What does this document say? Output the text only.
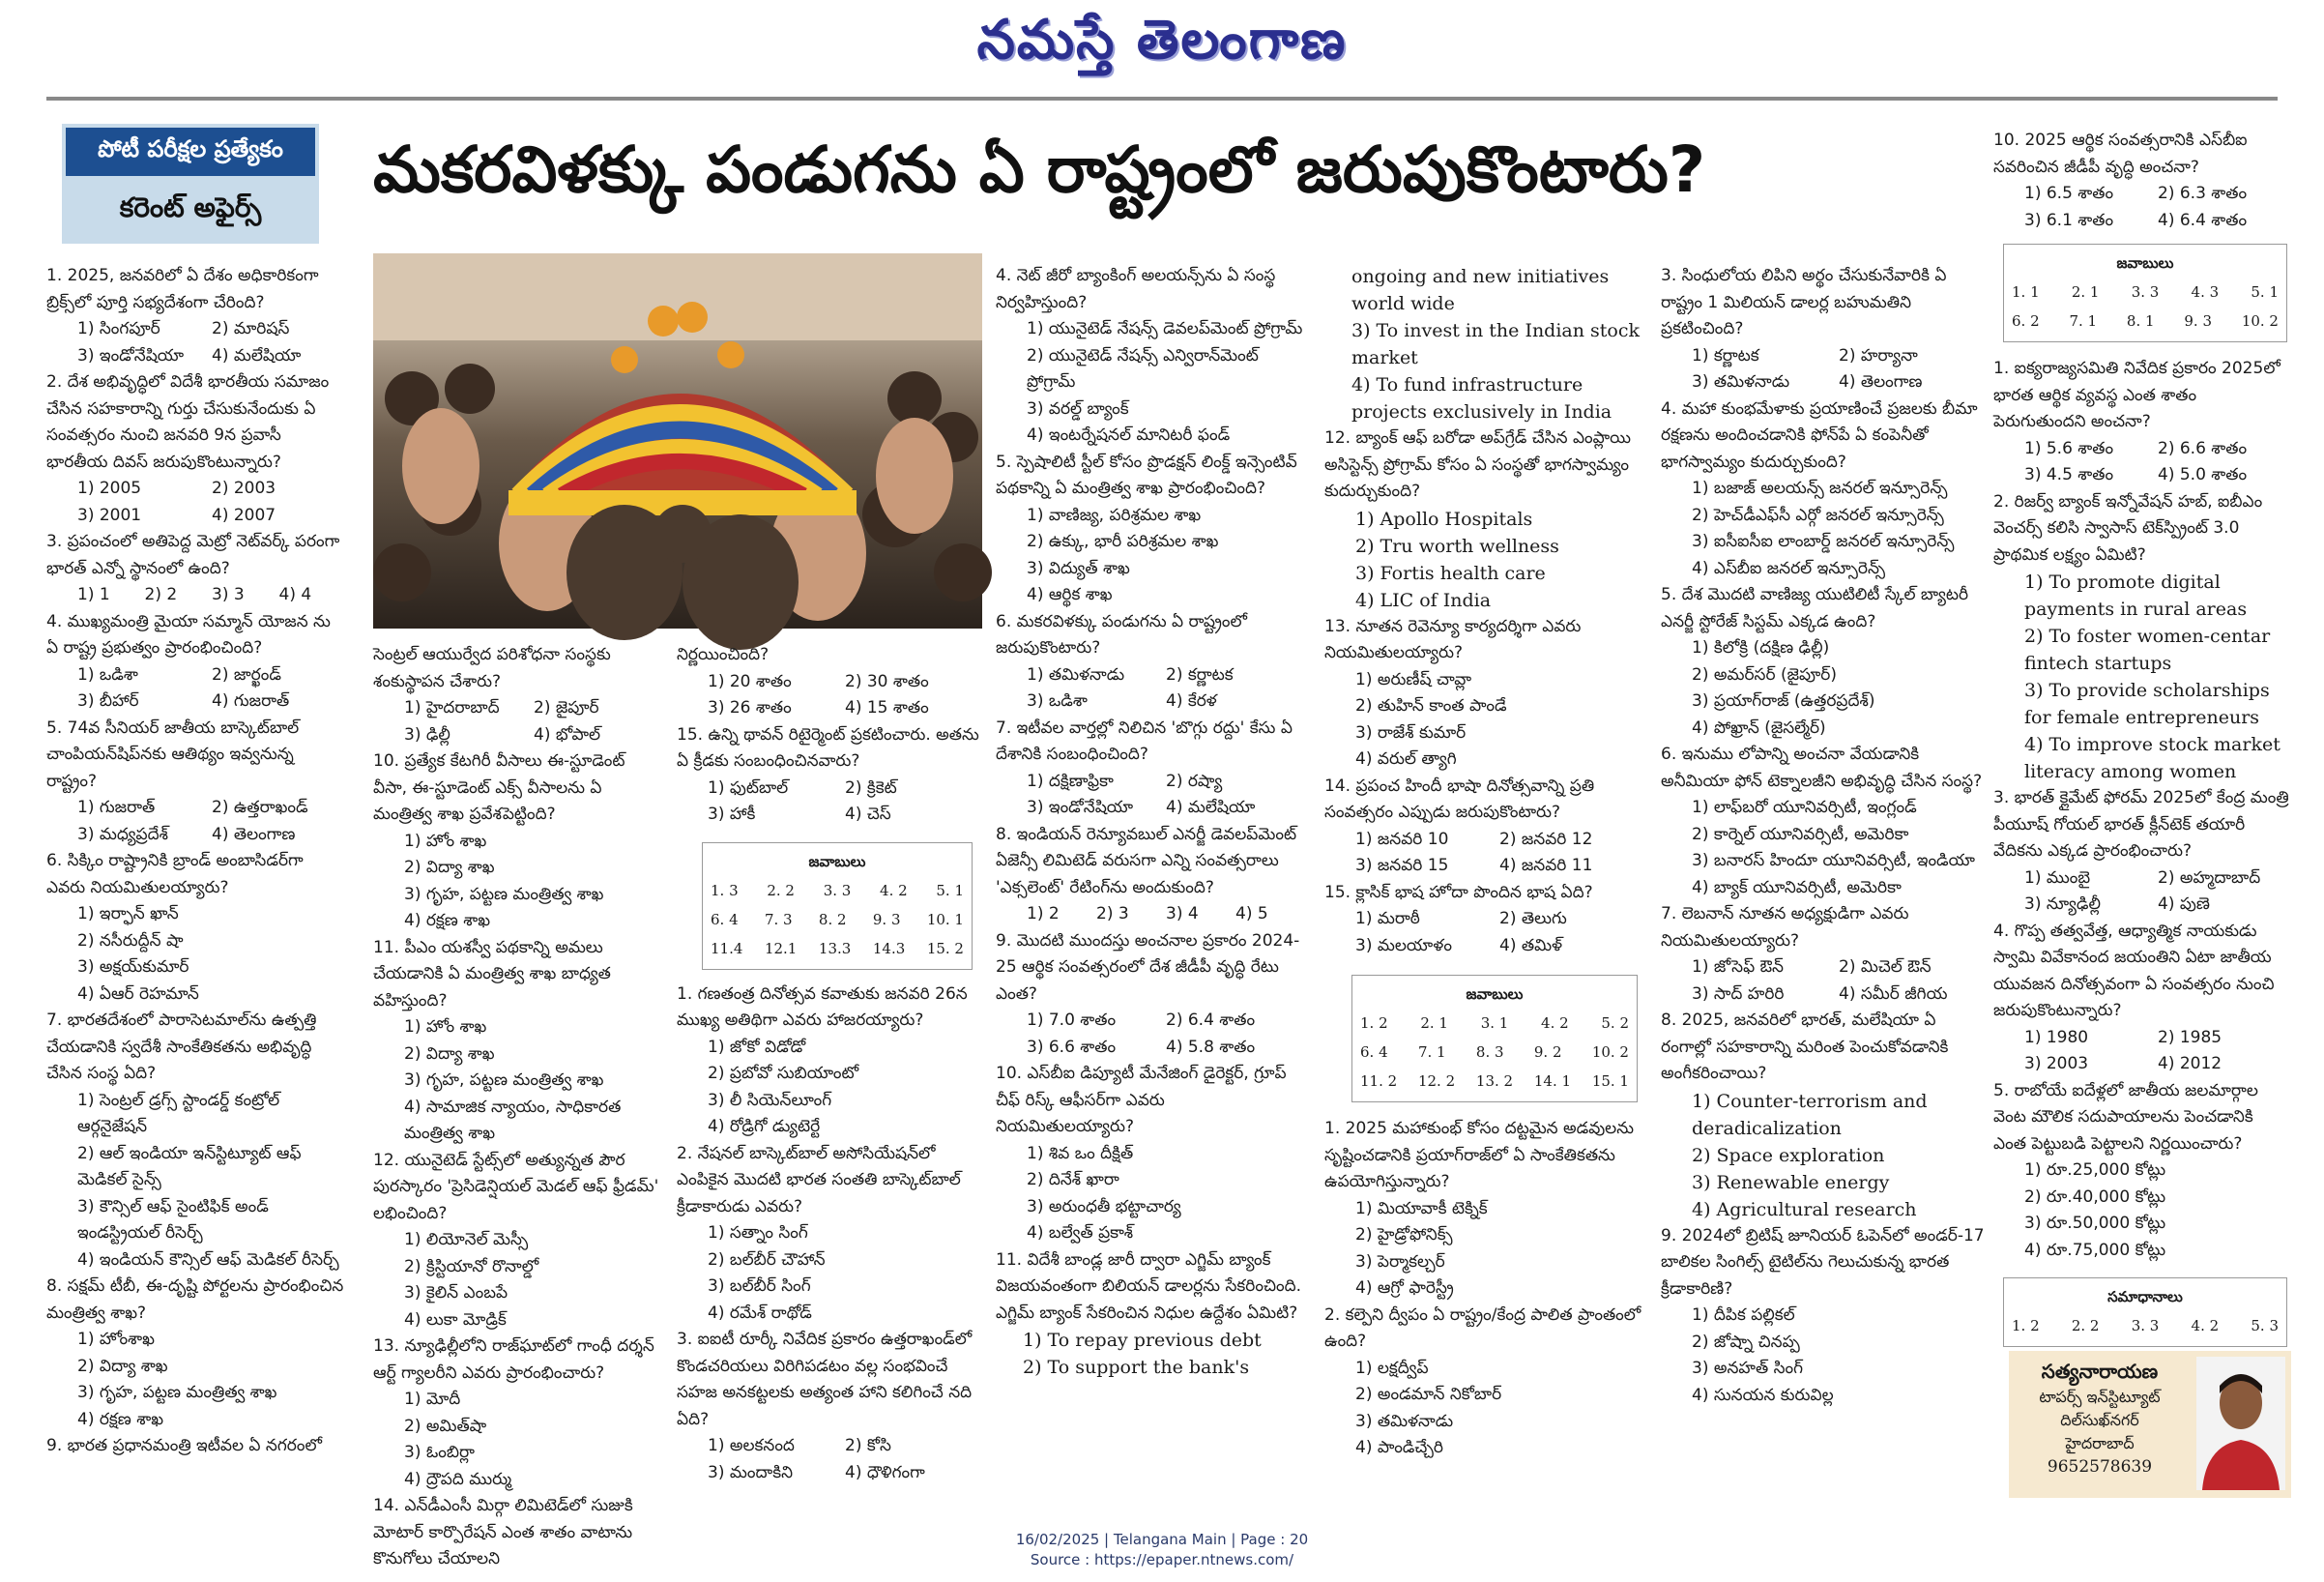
నమస్తే తెలంగాణ
పోటీ పరీక్షల ప్రత్యేకం
కరెంట్ అఫైర్స్
మకరవిళక్కు పండుగను ఏ రాష్ట్రంలో జరుపుకొంటారు?

1. 2025, జనవరిలో ఏ దేశం అధికారికంగా బ్రిక్స్‌లో పూర్తి సభ్యదేశంగా చేరింది?

1) సింగపూర్	2) మారిషస్

3) ఇండోనేషియా	4) మలేషియా

2. దేశ అభివృద్ధిలో విదేశీ భారతీయ సమాజం చేసిన సహకారాన్ని గుర్తు చేసుకునేందుకు ఏ సంవత్సరం నుంచి జనవరి 9న ప్రవాసీ భారతీయ దివస్ జరుపుకొంటున్నారు?

1) 2005	2) 2003

3) 2001	4) 2007

3. ప్రపంచంలో అతిపెద్ద మెట్రో నెట్‌వర్క్ పరంగా భారత్ ఎన్నో స్థానంలో ఉంది?

1) 1	2) 2	3) 3	4) 4

4. ముఖ్యమంత్రి మైయా సమ్మాన్ యోజన ను ఏ రాష్ట్ర ప్రభుత్వం ప్రారంభించింది?

1) ఒడిశా	2) జార్ఖండ్

3) బీహార్	4) గుజరాత్

5. 74వ సీనియర్ జాతీయ బాస్కెట్‌బాల్ చాంపియన్‌షిప్‌నకు ఆతిథ్యం ఇవ్వనున్న రాష్ట్రం?

1) గుజరాత్	2) ఉత్తరాఖండ్

3) మధ్యప్రదేశ్	4) తెలంగాణ

6. సిక్కిం రాష్ట్రానికి బ్రాండ్ అంబాసిడర్‌గా ఎవరు నియమితులయ్యారు?

1) ఇర్ఫాన్ ఖాన్

2) నసీరుద్దీన్ షా

3) అక్షయ్‌కుమార్

4) ఏఆర్ రెహమాన్

7. భారతదేశంలో పారాసెటమాల్‌ను ఉత్పత్తి చేయడానికి స్వదేశీ సాంకేతికతను అభివృద్ధి చేసిన సంస్థ ఏది?

1) సెంట్రల్ డ్రగ్స్ స్టాండర్డ్ కంట్రోల్ ఆర్గనైజేషన్

2) ఆల్ ఇండియా ఇన్‌స్టిట్యూట్ ఆఫ్ మెడికల్ సైన్స్

3) కౌన్సిల్ ఆఫ్ సైంటిఫిక్ అండ్ ఇండస్ట్రియల్ రీసెర్చ్

4) ఇండియన్ కౌన్సిల్ ఆఫ్ మెడికల్ రీసెర్చ్

8. సక్షమ్ టీబీ, ఈ-దృష్టి పోర్టలను ప్రారంభించిన మంత్రిత్వ శాఖ?

1) హోంశాఖ

2) విద్యా శాఖ

3) గృహ, పట్టణ మంత్రిత్వ శాఖ

4) రక్షణ శాఖ

9. భారత ప్రధానమంత్రి ఇటీవల ఏ నగరంలో

సెంట్రల్ ఆయుర్వేద పరిశోధనా సంస్థకు శంకుస్థాపన చేశారు?

1) హైదరాబాద్	2) జైపూర్

3) ఢిల్లీ	4) భోపాల్

10. ప్రత్యేక కేటగిరీ వీసాలు ఈ-స్టూడెంట్ వీసా, ఈ-స్టూడెంట్ ఎక్స్ వీసాలను ఏ మంత్రిత్వ శాఖ ప్రవేశపెట్టింది?

1) హోం శాఖ

2) విద్యా శాఖ

3) గృహ, పట్టణ మంత్రిత్వ శాఖ

4) రక్షణ శాఖ

11. పీఎం యశస్వీ పథకాన్ని అమలు చేయడానికి ఏ మంత్రిత్వ శాఖ బాధ్యత వహిస్తుంది?

1) హోం శాఖ

2) విద్యా శాఖ

3) గృహ, పట్టణ మంత్రిత్వ శాఖ

4) సామాజిక న్యాయం, సాధికారత మంత్రిత్వ శాఖ

12. యునైటెడ్ స్టేట్స్‌లో అత్యున్నత పౌర పురస్కారం 'ప్రెసిడెన్షియల్ మెడల్ ఆఫ్ ఫ్రీడమ్' లభించింది?

1) లియోనెల్ మెస్సీ

2) క్రిస్టియానో రొనాల్డో

3) కైలిన్ ఎంబపే

4) లుకా మోడ్రిక్

13. న్యూఢిల్లీలోని రాజ్‌ఘాట్‌లో గాంధీ దర్శన్ ఆర్ట్ గ్యాలరీని ఎవరు ప్రారంభించారు?

1) మోదీ

2) అమిత్‌షా

3) ఓంబిర్లా

4) ద్రౌపది ముర్ము

14. ఎన్‌డీఎంసీ మిర్గా లిమిటెడ్‌లో సుజుకి మోటార్ కార్పొరేషన్ ఎంత శాతం వాటాను కొనుగోలు చేయాలని

నిర్ణయించింది?

1) 20 శాతం	2) 30 శాతం

3) 26 శాతం	4) 15 శాతం

15. ఉన్ని థావన్ రిటైర్మెంట్ ప్రకటించారు. అతను ఏ క్రీడకు సంబంధించినవారు?

1) ఫుట్‌బాల్	2) క్రికెట్

3) హాకీ	4) చెస్

జవాబులు
1. 3 2. 2 3. 3 4. 2 5. 1
6. 4 7. 3 8. 2 9. 3 10. 1
11.4 12.1 13.3 14.3 15. 2

1. గణతంత్ర దినోత్సవ కవాతుకు జనవరి 26న ముఖ్య అతిథిగా ఎవరు హాజరయ్యారు?

1) జోకో విడోడో

2) ప్రబోవో సుబియాంటో

3) లీ సియెన్‌లూంగ్

4) రోడ్రిగో డ్యుటెర్టే

2. నేషనల్ బాస్కెట్‌బాల్ అసోసియేషన్‌లో ఎంపికైన మొదటి భారత సంతతి బాస్కెట్‌బాల్ క్రీడాకారుడు ఎవరు?

1) సత్నాం సింగ్

2) బల్‌బీర్ చౌహాన్

3) బల్‌బీర్ సింగ్

4) రమేశ్ రాథోడ్

3. ఐఐటీ రూర్కీ నివేదిక ప్రకారం ఉత్తరాఖండ్‌లో కొండచరియలు విరిగిపడటం వల్ల సంభవించే సహజ అనకట్టలకు అత్యంత హాని కలిగించే నది ఏది?

1) అలకనంద	2) కోసి

3) మందాకిని	4) ధౌళిగంగా

4. నెట్ జీరో బ్యాంకింగ్ అలయన్స్‌ను ఏ సంస్థ నిర్వహిస్తుంది?

1) యునైటెడ్ నేషన్స్ డెవలప్‌మెంట్ ప్రోగ్రామ్

2) యునైటెడ్ నేషన్స్ ఎన్విరాన్‌మెంట్ ప్రోగ్రామ్

3) వరల్డ్ బ్యాంక్

4) ఇంటర్నేషనల్ మానిటరీ ఫండ్

5. స్పెషాలిటీ స్టీల్ కోసం ప్రొడక్షన్ లింక్డ్ ఇన్సెంటివ్ పథకాన్ని ఏ మంత్రిత్వ శాఖ ప్రారంభించింది?

1) వాణిజ్య, పరిశ్రమల శాఖ

2) ఉక్కు, భారీ పరిశ్రమల శాఖ

3) విద్యుత్ శాఖ

4) ఆర్థిక శాఖ

6. మకరవిళక్కు పండుగను ఏ రాష్ట్రంలో జరుపుకొంటారు?

1) తమిళనాడు	2) కర్ణాటక

3) ఒడిశా	4) కేరళ

7. ఇటీవల వార్తల్లో నిలిచిన 'బొగ్గు రద్దు' కేసు ఏ దేశానికి సంబంధించింది?

1) దక్షిణాఫ్రికా	2) రష్యా

3) ఇండోనేషియా	4) మలేషియా

8. ఇండియన్ రెన్యూవబుల్ ఎనర్జీ డెవలప్‌మెంట్ ఏజెన్సీ లిమిటెడ్ వరుసగా ఎన్ని సంవత్సరాలు 'ఎక్సలెంట్' రేటింగ్‌ను అందుకుంది?

1) 2	2) 3	3) 4	4) 5

9. మొదటి ముందస్తు అంచనాల ప్రకారం 2024-25 ఆర్థిక సంవత్సరంలో దేశ జీడీపీ వృద్ధి రేటు ఎంత?

1) 7.0 శాతం	2) 6.4 శాతం

3) 6.6 శాతం	4) 5.8 శాతం

10. ఎస్‌బీఐ డిప్యూటీ మేనేజింగ్ డైరెక్టర్, గ్రూప్ చీఫ్ రిస్క్ ఆఫీసర్‌గా ఎవరు నియమితులయ్యారు?

1) శివ ఒం దీక్షిత్

2) దినేశ్ ఖారా

3) అరుంధతీ భట్టాచార్య

4) బల్వేత్ ప్రకాశ్

11. విదేశీ బాండ్ల జారీ ద్వారా ఎగ్జిమ్ బ్యాంక్ విజయవంతంగా బిలియన్ డాలర్లను సేకరించింది. ఎగ్జిమ్ బ్యాంక్ సేకరించిన నిధుల ఉద్దేశం ఏమిటి?

1) To repay previous debt
2) To support the bank's
ongoing and new initiatives world wide
3) To invest in the Indian stock market
4) To fund infrastructure projects exclusively in India

12. బ్యాంక్ ఆఫ్ బరోడా అప్‌గ్రేడ్ చేసిన ఎంప్లాయి అసిస్టెన్స్ ప్రోగ్రామ్ కోసం ఏ సంస్థతో భాగస్వామ్యం కుదుర్చుకుంది?

1) Apollo Hospitals

2) Tru worth wellness

3) Fortis health care

4) LIC of India

13. నూతన రెవెన్యూ కార్యదర్శిగా ఎవరు నియమితులయ్యారు?

1) అరుణీష్ చావ్లా

2) తుహిన్ కాంత పాండే

3) రాజేశ్ కుమార్

4) వరుల్ త్యాగి

14. ప్రపంచ హిందీ భాషా దినోత్సవాన్ని ప్రతి సంవత్సరం ఎప్పుడు జరుపుకొంటారు?

1) జనవరి 10	2) జనవరి 12

3) జనవరి 15	4) జనవరి 11

15. క్లాసిక్ భాష హోదా పొందిన భాష ఏది?

1) మరాఠీ	2) తెలుగు

3) మలయాళం	4) తమిళ్

జవాబులు
1. 2 2. 1 3. 1 4. 2 5. 2
6. 4 7. 1 8. 3 9. 2 10. 2
11. 2 12. 2 13. 2 14. 1 15. 1

1. 2025 మహాకుంభ్ కోసం దట్టమైన అడవులను సృష్టించడానికి ప్రయాగ్‌రాజ్‌లో ఏ సాంకేతికతను ఉపయోగిస్తున్నారు?

1) మియావాకీ టెక్నిక్

2) హైడ్రోఫోనిక్స్

3) పెర్మాకల్చర్

4) ఆగ్రో ఫారెస్ట్రీ

2. కల్పెని ద్వీపం ఏ రాష్ట్రం/కేంద్ర పాలిత ప్రాంతంలో ఉంది?

1) లక్షద్వీప్

2) అండమాన్ నికోబార్

3) తమిళనాడు

4) పాండిచ్చేరి

3. సింధులోయ లిపిని అర్థం చేసుకునేవారికి ఏ రాష్ట్రం 1 మిలియన్ డాలర్ల బహుమతిని ప్రకటించింది?

1) కర్ణాటక	2) హర్యానా

3) తమిళనాడు	4) తెలంగాణ

4. మహా కుంభమేళాకు ప్రయాణించే ప్రజలకు బీమా రక్షణను అందించడానికి ఫోన్‌పే ఏ కంపెనీతో భాగస్వామ్యం కుదుర్చుకుంది?

1) బజాజ్ అలయన్స్ జనరల్ ఇన్సూరెన్స్

2) హెచ్‌డీఎఫ్‌సీ ఎర్గో జనరల్ ఇన్సూరెన్స్

3) ఐసీఐసీఐ లాంబార్డ్ జనరల్ ఇన్సూరెన్స్

4) ఎస్‌బీఐ జనరల్ ఇన్సూరెన్స్

5. దేశ మొదటి వాణిజ్య యుటిలిటీ స్కేల్ బ్యాటరీ ఎనర్జీ స్టోరేజ్ సిస్టమ్ ఎక్కడ ఉంది?

1) కిలోక్రి (దక్షిణ ఢిల్లీ)

2) అమర్‌సర్ (జైపూర్)

3) ప్రయాగ్‌రాజ్ (ఉత్తరప్రదేశ్)

4) పోఖ్రాన్ (జైసల్మేర్)

6. ఇనుము లోపాన్ని అంచనా వేయడానికి అనీమియా ఫోన్ టెక్నాలజీని అభివృద్ధి చేసిన సంస్థ?

1) లాఫ్‌బరో యూనివర్సిటీ, ఇంగ్లండ్

2) కార్నెల్ యూనివర్సిటీ, అమెరికా

3) బనారస్ హిందూ యూనివర్సిటీ, ఇండియా

4) బ్యాక్ యూనివర్సిటీ, అమెరికా

7. లెబనాన్ నూతన అధ్యక్షుడిగా ఎవరు నియమితులయ్యారు?

1) జోసెఫ్ ఔన్	2) మిచెల్ ఔన్

3) సాద్ హరిరి	4) సమీర్ జీగియ

8. 2025, జనవరిలో భారత్, మలేషియా ఏ రంగాల్లో సహకారాన్ని మరింత పెంచుకోవడానికి అంగీకరించాయి?

1) Counter-terrorism and deradicalization

2) Space exploration

3) Renewable energy

4) Agricultural research

9. 2024లో బ్రిటిష్ జూనియర్ ఓపెన్‌లో అండర్-17 బాలికల సింగిల్స్ టైటిల్‌ను గెలుచుకున్న భారత క్రీడాకారిణి?

1) దీపిక పల్లికల్

2) జోష్నా చినప్ప

3) అనహత్ సింగ్

4) సునయన కురువిల్ల

10. 2025 ఆర్థిక సంవత్సరానికి ఎస్‌బీఐ సవరించిన జీడీపీ వృద్ధి అంచనా?

1) 6.5 శాతం	2) 6.3 శాతం

3) 6.1 శాతం	4) 6.4 శాతం

జవాబులు
1. 1 2. 1 3. 3 4. 3 5. 1
6. 2 7. 1 8. 1 9. 3 10. 2

1. ఐక్యరాజ్యసమితి నివేదిక ప్రకారం 2025లో భారత ఆర్థిక వ్యవస్థ ఎంత శాతం పెరుగుతుందని అంచనా?

1) 5.6 శాతం	2) 6.6 శాతం

3) 4.5 శాతం	4) 5.0 శాతం

2. రిజర్వ్ బ్యాంక్ ఇన్నోవేషన్ హబ్, ఐబీఎం వెంచర్స్ కలిసి స్వాసాస్ టెక్‌స్ప్రింట్ 3.0 ప్రాథమిక లక్ష్యం ఏమిటి?

1) To promote digital payments in rural areas

2) To foster women-centar fintech startups

3) To provide scholarships for female entrepreneurs

4) To improve stock market literacy among women

3. భారత్ క్లైమేట్ ఫోరమ్ 2025లో కేంద్ర మంత్రి పీయూష్ గోయల్ భారత్ క్లీన్‌టెక్ తయారీ వేదికను ఎక్కడ ప్రారంభించారు?

1) ముంబై	2) అహ్మదాబాద్

3) న్యూఢిల్లీ	4) పుణె

4. గొప్ప తత్వవేత్త, ఆధ్యాత్మిక నాయకుడు స్వామి వివేకానంద జయంతిని ఏటా జాతీయ యువజన దినోత్సవంగా ఏ సంవత్సరం నుంచి జరుపుకొంటున్నారు?

1) 1980	2) 1985

3) 2003	4) 2012

5. రాబోయే ఐదేళ్లలో జాతీయ జలమార్గాల వెంట మౌలిక సదుపాయాలను పెంచడానికి ఎంత పెట్టుబడి పెట్టాలని నిర్ణయించారు?

1) రూ.25,000 కోట్లు

2) రూ.40,000 కోట్లు

3) రూ.50,000 కోట్లు

4) రూ.75,000 కోట్లు

సమాధానాలు
1. 2 2. 2 3. 3 4. 2 5. 3
సత్యనారాయణ
టాపర్స్ ఇన్‌స్టిట్యూట్
దిల్‌సుఖ్‌నగర్
హైదరాబాద్
9652578639
16/02/2025 | Telangana Main | Page : 20
Source : https://epaper.ntnews.com/
